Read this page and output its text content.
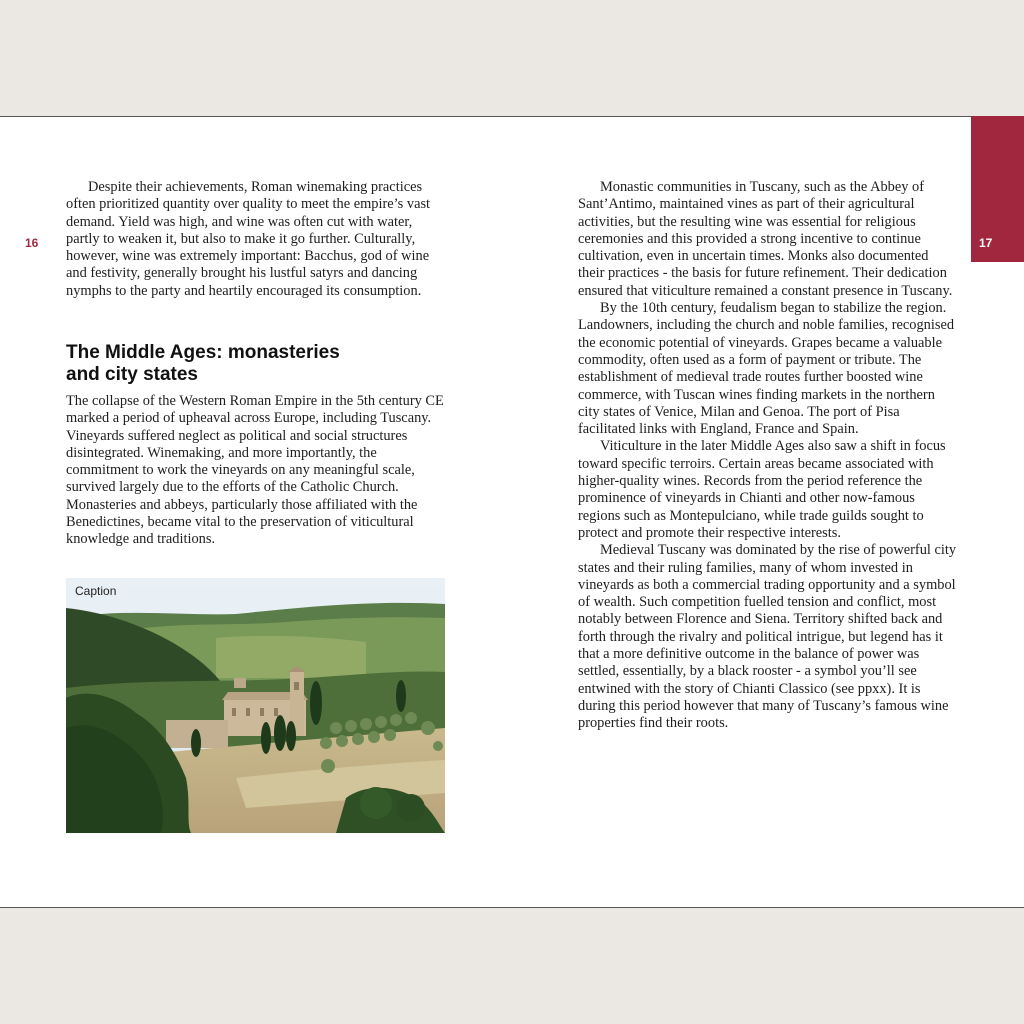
16	17

Despite their achievements, Roman winemaking practices often prioritized quantity over quality to meet the empire’s vast demand. Yield was high, and wine was often cut with water, partly to weaken it, but also to make it go further. Culturally, however, wine was extremely important: Bacchus, god of wine and festivity, generally brought his lustful satyrs and dancing nymphs to the party and heartily encouraged its consumption.

The Middle Ages: monasteries
and city states

The collapse of the Western Roman Empire in the 5th century CE marked a period of upheaval across Europe, including Tuscany. Vineyards suffered neglect as political and social structures disintegrated. Winemaking, and more importantly, the commitment to work the vineyards on any meaningful scale, survived largely due to the efforts of the Catholic Church. Monasteries and abbeys, particularly those affiliated with the Benedictines, became vital to the preservation of viticultural knowledge and traditions.

Caption

Monastic communities in Tuscany, such as the Abbey of Sant’Antimo, maintained vines as part of their agricultural activities, but the resulting wine was essential for religious ceremonies and this provided a strong incentive to continue cultivation, even in uncertain times. Monks also documented their practices - the basis for future refinement. Their dedication ensured that viticulture remained a constant presence in Tuscany.

By the 10th century, feudalism began to stabilize the region. Landowners, including the church and noble families, recognised the economic potential of vineyards. Grapes became a valuable commodity, often used as a form of payment or tribute. The establishment of medieval trade routes further boosted wine commerce, with Tuscan wines finding markets in the northern city states of Venice, Milan and Genoa. The port of Pisa facilitated links with England, France and Spain.

Viticulture in the later Middle Ages also saw a shift in focus toward specific terroirs. Certain areas became associated with higher-quality wines. Records from the period reference the prominence of vineyards in Chianti and other now-famous regions such as Montepulciano, while trade guilds sought to protect and promote their respective interests.

Medieval Tuscany was dominated by the rise of powerful city states and their ruling families, many of whom invested in vineyards as both a commercial trading opportunity and a symbol of wealth. Such competition fuelled tension and conflict, most notably between Florence and Siena. Territory shifted back and forth through the rivalry and political intrigue, but legend has it that a more definitive outcome in the balance of power was settled, essentially, by a black rooster - a symbol you’ll see entwined with the story of Chianti Classico (see ppxx). It is during this period however that many of Tuscany’s famous wine properties find their roots.
